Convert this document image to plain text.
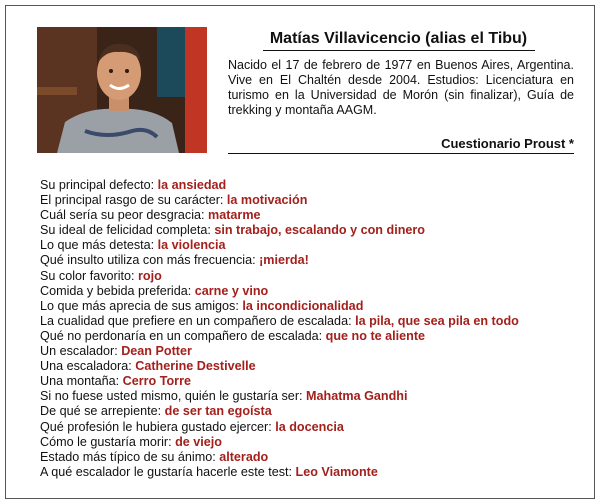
Matías Villavicencio (alias el Tibu)
Nacido el 17 de febrero de 1977 en Buenos Aires, Argentina. Vive en El Chaltén desde 2004. Estudios: Licenciatura en turismo en la Universidad de Morón (sin finalizar), Guía de trekking y montaña AAGM.
Cuestionario Proust *
Su principal defecto: la ansiedad
El principal rasgo de su carácter: la motivación
Cuál sería su peor desgracia: matarme
Su ideal de felicidad completa: sin trabajo, escalando y con dinero
Lo que más detesta: la violencia
Qué insulto utiliza con más frecuencia: ¡mierda!
Su color favorito: rojo
Comida y bebida preferida: carne y vino
Lo que más aprecia de sus amigos: la incondicionalidad
La cualidad que prefiere en un compañero de escalada: la pila, que sea pila en todo
Qué no perdonaría en un compañero de escalada: que no te aliente
Un escalador: Dean Potter
Una escaladora: Catherine Destivelle
Una montaña: Cerro Torre
Si no fuese usted mismo, quién le gustaría ser: Mahatma Gandhi
De qué se arrepiente: de ser tan egoísta
Qué profesión le hubiera gustado ejercer: la docencia
Cómo le gustaría morir: de viejo
Estado más típico de su ánimo: alterado
A qué escalador le gustaría hacerle este test: Leo Viamonte
